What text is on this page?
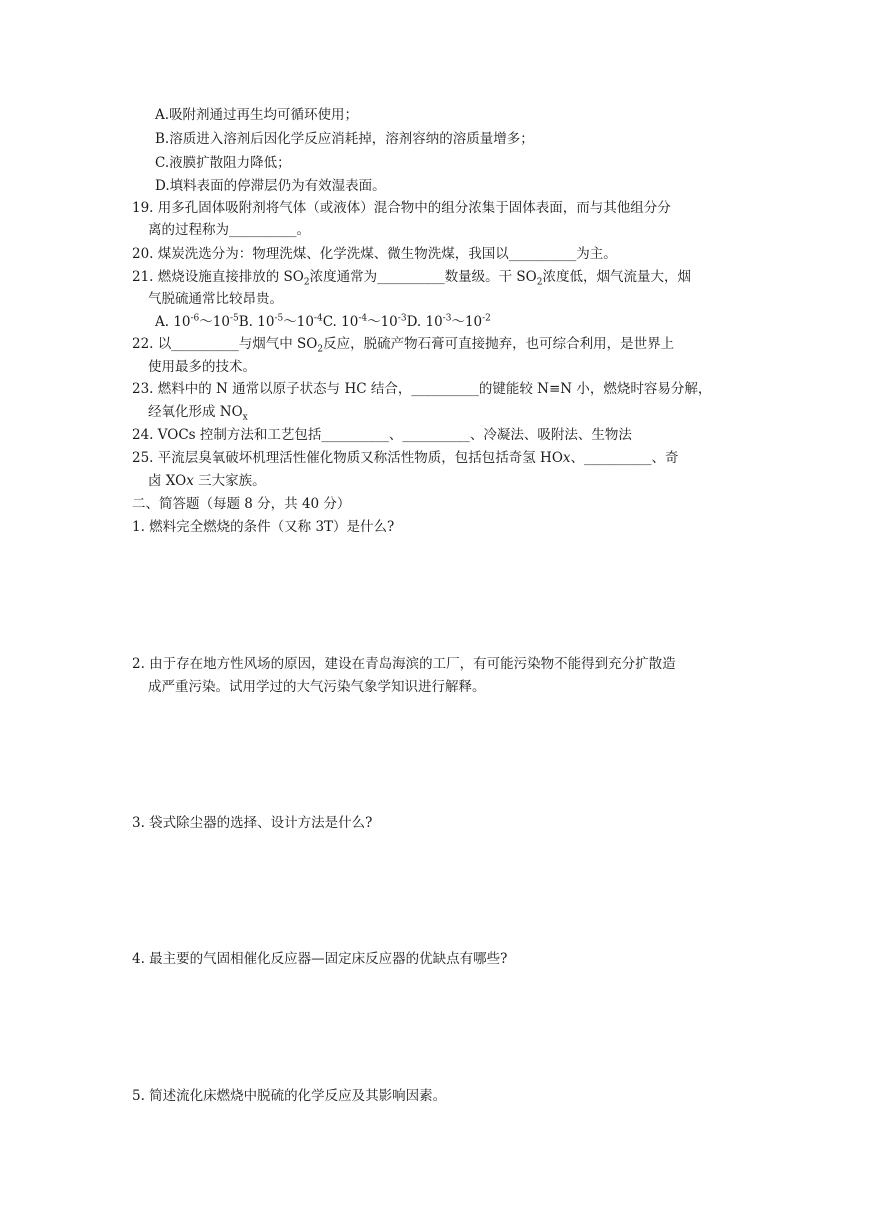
A.吸附剂通过再生均可循环使用；
B.溶质进入溶剂后因化学反应消耗掉，溶剂容纳的溶质量增多；
C.液膜扩散阻力降低；
D.填料表面的停滞层仍为有效湿表面。
19. 用多孔固体吸附剂将气体（或液体）混合物中的组分浓集于固体表面，而与其他组分分
离的过程称为__________。
20. 煤炭洗选分为：物理洗煤、化学洗煤、微生物洗煤，我国以__________为主。
21. 燃烧设施直接排放的 $SO_2$浓度通常为__________数量级。干 $SO_2$浓度低，烟气流量大，烟
气脱硫通常比较昂贵。
A. $10^{-6}\sim 10^{-5}B$. $10^{-5}\sim 10^{-4}C$. $10^{-4}\sim 10^{-3}D$. $10^{-3}\sim 10^{-2}$
22. 以__________与烟气中 $SO_2$反应，脱硫产物石膏可直接抛弃，也可综合利用，是世界上
使用最多的技术。
23. 燃料中的 N 通常以原子状态与 HC 结合，__________的键能较 N≡N 小，燃烧时容易分解，
经氧化形成 $NO_x$
24. VOCs 控制方法和工艺包括__________、__________、冷凝法、吸附法、生物法
25. 平流层臭氧破坏机理活性催化物质又称活性物质，包括包括奇氢 HOx、__________、奇
卤 XOx 三大家族。
二、简答题（每题 8 分，共 40 分）
1. 燃料完全燃烧的条件（又称 3T）是什么?
2. 由于存在地方性风场的原因，建设在青岛海滨的工厂，有可能污染物不能得到充分扩散造
成严重污染。试用学过的大气污染气象学知识进行解释。
3. 袋式除尘器的选择、设计方法是什么?
4. 最主要的气固相催化反应器—固定床反应器的优缺点有哪些?
5. 简述流化床燃烧中脱硫的化学反应及其影响因素。
